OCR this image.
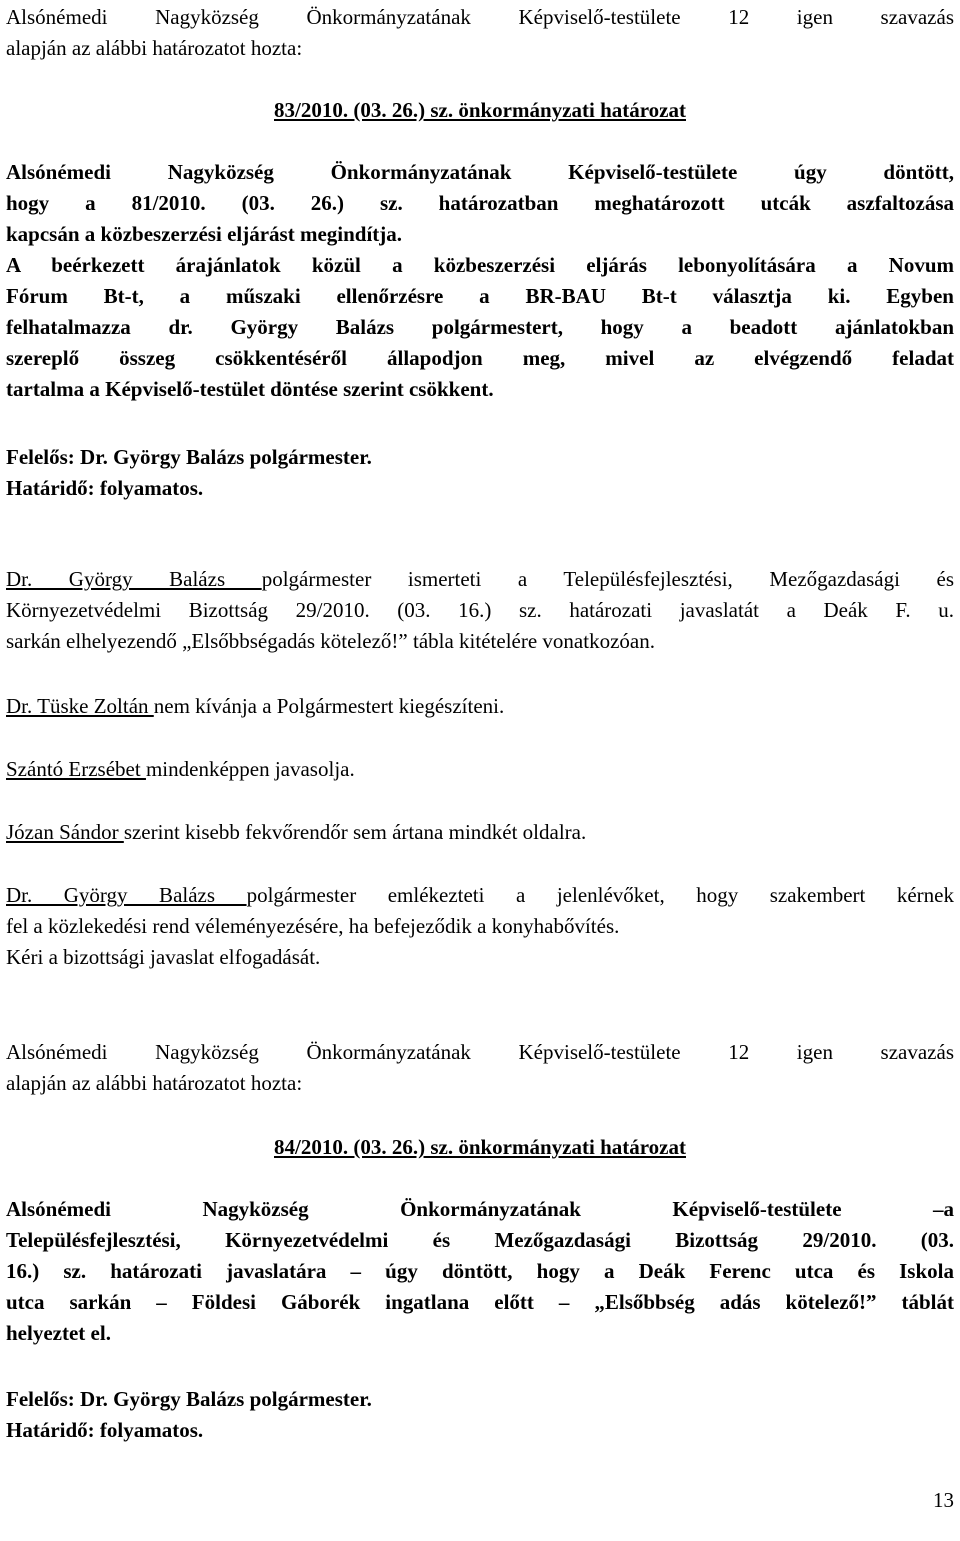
Alsónémedi Nagyközség Önkormányzatának Képviselő-testülete 12 igen szavazás
alapján az alábbi határozatot hozta:
83/2010. (03. 26.) sz. önkormányzati határozat
Alsónémedi Nagyközség Önkormányzatának Képviselő-testülete úgy döntött,
hogy a 81/2010. (03. 26.) sz. határozatban meghatározott utcák aszfaltozása
kapcsán a közbeszerzési eljárást megindítja.
A beérkezett árajánlatok közül a közbeszerzési eljárás lebonyolítására a Novum
Fórum Bt-t, a műszaki ellenőrzésre a BR-BAU Bt-t választja ki. Egyben
felhatalmazza dr. György Balázs polgármestert, hogy a beadott ajánlatokban
szereplő összeg csökkentéséről állapodjon meg, mivel az elvégzendő feladat
tartalma a Képviselő-testület döntése szerint csökkent.
Felelős: Dr. György Balázs polgármester.
Határidő: folyamatos.
Dr. György Balázs polgármester ismerteti a Településfejlesztési, Mezőgazdasági és
Környezetvédelmi Bizottság 29/2010. (03. 16.) sz. határozati javaslatát a Deák F. u.
sarkán elhelyezendő „Elsőbbségadás kötelező!” tábla kitételére vonatkozóan.
Dr. Tüske Zoltán nem kívánja a Polgármestert kiegészíteni.
Szántó Erzsébet mindenképpen javasolja.
Józan Sándor szerint kisebb fekvőrendőr sem ártana mindkét oldalra.
Dr. György Balázs polgármester emlékezteti a jelenlévőket, hogy szakembert kérnek
fel a közlekedési rend véleményezésére, ha befejeződik a konyhabővítés.
Kéri a bizottsági javaslat elfogadását.
Alsónémedi Nagyközség Önkormányzatának Képviselő-testülete 12 igen szavazás
alapján az alábbi határozatot hozta:
84/2010. (03. 26.) sz. önkormányzati határozat
Alsónémedi Nagyközség Önkormányzatának Képviselő-testülete –a
Településfejlesztési, Környezetvédelmi és Mezőgazdasági Bizottság 29/2010. (03.
16.) sz. határozati javaslatára – úgy döntött, hogy a Deák Ferenc utca és Iskola
utca sarkán – Földesi Gáborék ingatlana előtt – „Elsőbbség adás kötelező!” táblát
helyeztet el.
Felelős: Dr. György Balázs polgármester.
Határidő: folyamatos.
13
